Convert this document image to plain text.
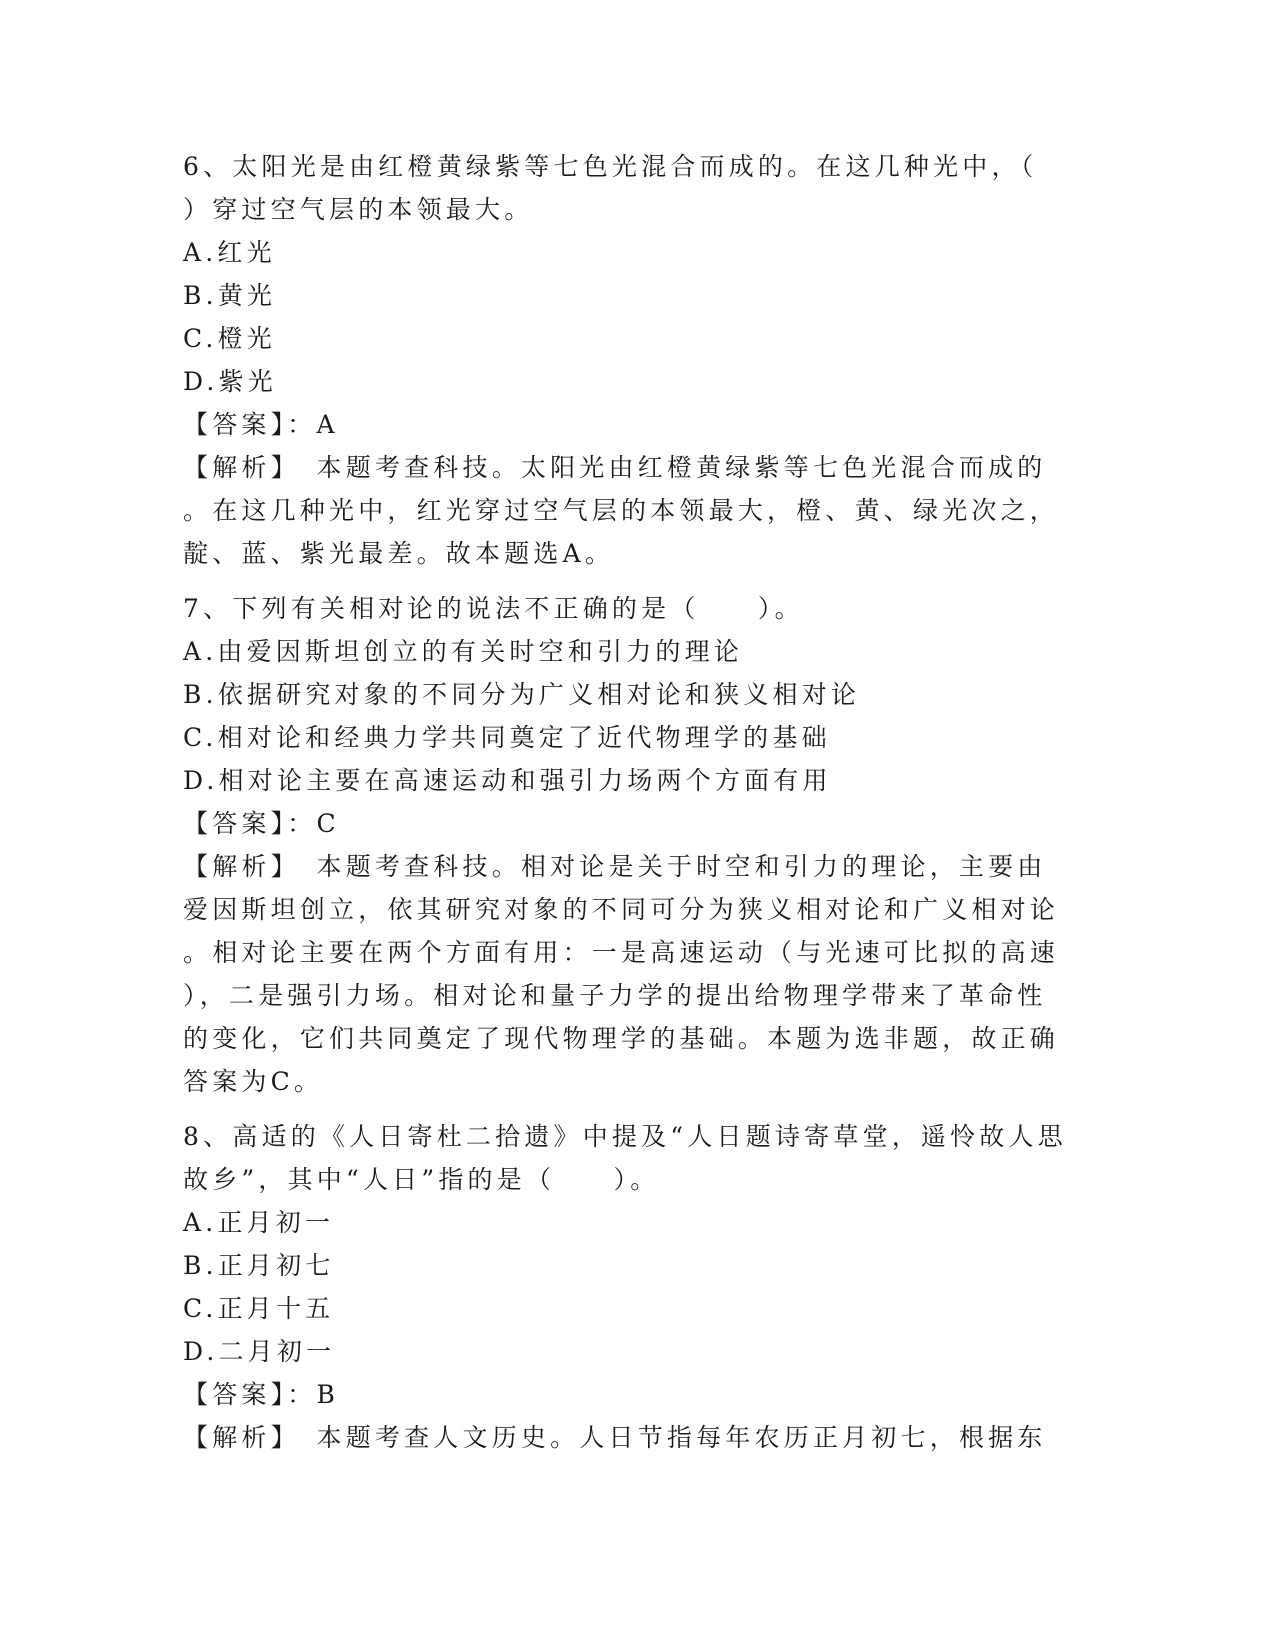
6、太阳光是由红橙黄绿紫等七色光混合而成的。在这几种光中，（

）穿过空气层的本领最大。

A.红光

B.黄光

C.橙光

D.紫光

【答案】：A

【解析】　本题考查科技。太阳光由红橙黄绿紫等七色光混合而成的

。在这几种光中，红光穿过空气层的本领最大，橙、黄、绿光次之，

靛、蓝、紫光最差。故本题选A。

7、下列有关相对论的说法不正确的是（　　）。

A.由爱因斯坦创立的有关时空和引力的理论

B.依据研究对象的不同分为广义相对论和狭义相对论

C.相对论和经典力学共同奠定了近代物理学的基础

D.相对论主要在高速运动和强引力场两个方面有用

【答案】：C

【解析】　本题考查科技。相对论是关于时空和引力的理论，主要由

爱因斯坦创立，依其研究对象的不同可分为狭义相对论和广义相对论

。相对论主要在两个方面有用：一是高速运动（与光速可比拟的高速

），二是强引力场。相对论和量子力学的提出给物理学带来了革命性

的变化，它们共同奠定了现代物理学的基础。本题为选非题，故正确

答案为C。

8、高适的《人日寄杜二拾遗》中提及“人日题诗寄草堂，遥怜故人思

故乡”，其中“人日”指的是（　　）。

A.正月初一

B.正月初七

C.正月十五

D.二月初一

【答案】：B

【解析】　本题考查人文历史。人日节指每年农历正月初七，根据东
